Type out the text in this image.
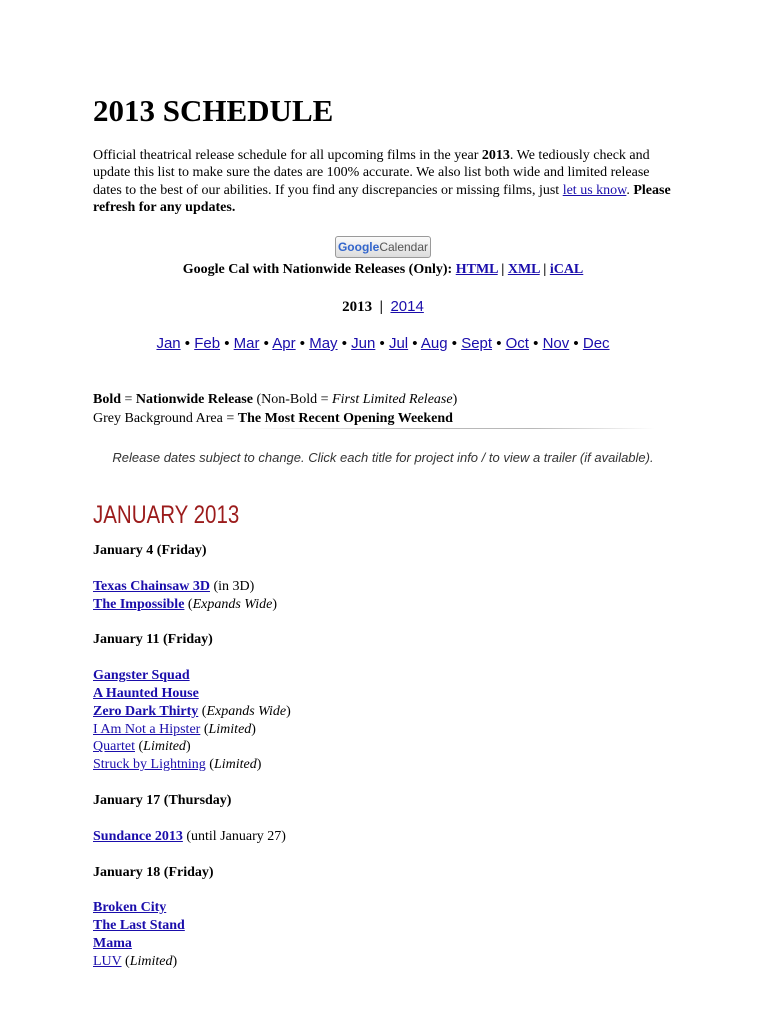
2013 SCHEDULE

Official theatrical release schedule for all upcoming films in the year 2013. We tediously check and update this list to make sure the dates are 100% accurate. We also list both wide and limited release dates to the best of our abilities. If you find any discrepancies or missing films, just let us know. Please refresh for any updates.

GoogleCalendar
Google Cal with Nationwide Releases (Only): HTML | XML | iCAL
2013  |  2014
Jan • Feb • Mar • Apr • May • Jun • Jul • Aug • Sept • Oct • Nov • Dec
Bold = Nationwide Release (Non-Bold = First Limited Release)
Grey Background Area = The Most Recent Opening Weekend
Release dates subject to change. Click each title for project info / to view a trailer (if available).
JANUARY 2013

January 4 (Friday)

Texas Chainsaw 3D (in 3D)
The Impossible (Expands Wide)

January 11 (Friday)

Gangster Squad
A Haunted House
Zero Dark Thirty (Expands Wide)
I Am Not a Hipster (Limited)
Quartet (Limited)
Struck by Lightning (Limited)

January 17 (Thursday)

Sundance 2013 (until January 27)

January 18 (Friday)

Broken City
The Last Stand
Mama
LUV (Limited)
